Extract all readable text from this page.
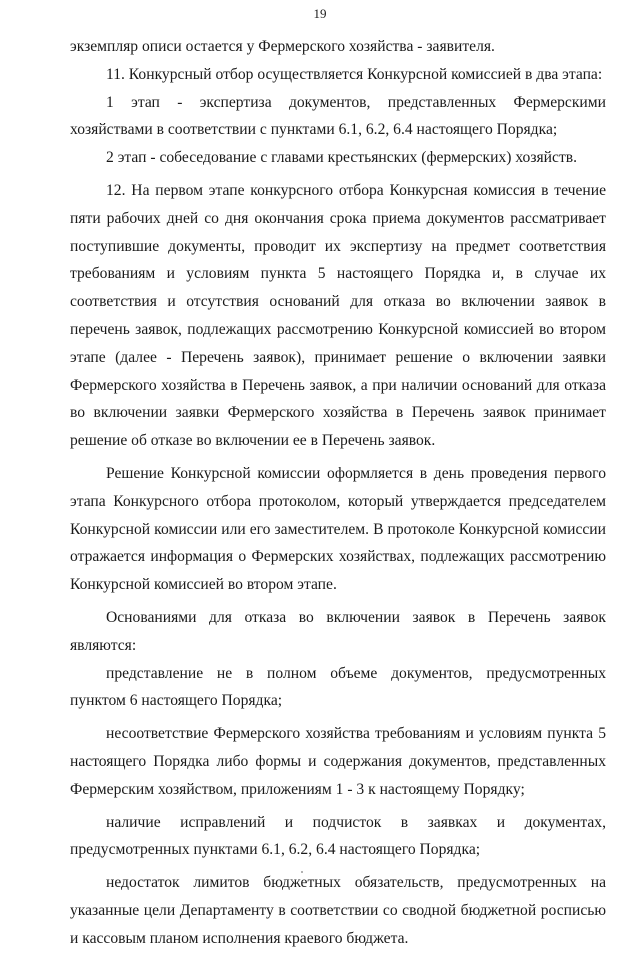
19

экземпляр описи остается у Фермерского хозяйства - заявителя.

11. Конкурсный отбор осуществляется Конкурсной комиссией в два этапа:

1 этап - экспертиза документов, представленных Фермерскими хозяйствами в соответствии с пунктами 6.1, 6.2, 6.4 настоящего Порядка;

2 этап - собеседование с главами крестьянских (фермерских) хозяйств.

12. На первом этапе конкурсного отбора Конкурсная комиссия в течение пяти рабочих дней со дня окончания срока приема документов рассматривает поступившие документы, проводит их экспертизу на предмет соответствия требованиям и условиям пункта 5 настоящего Порядка и, в случае их соответствия и отсутствия оснований для отказа во включении заявок в перечень заявок, подлежащих рассмотрению Конкурсной комиссией во втором этапе (далее - Перечень заявок), принимает решение о включении заявки Фермерского хозяйства в Перечень заявок, а при наличии оснований для отказа во включении заявки Фермерского хозяйства в Перечень заявок принимает решение об отказе во включении ее в Перечень заявок.

Решение Конкурсной комиссии оформляется в день проведения первого этапа Конкурсного отбора протоколом, который утверждается председателем Конкурсной комиссии или его заместителем. В протоколе Конкурсной комиссии отражается информация о Фермерских хозяйствах, подлежащих рассмотрению Конкурсной комиссией во втором этапе.

Основаниями для отказа во включении заявок в Перечень заявок являются:

представление не в полном объеме документов, предусмотренных пунктом 6 настоящего Порядка;

несоответствие Фермерского хозяйства требованиям и условиям пункта 5 настоящего Порядка либо формы и содержания документов, представленных Фермерским хозяйством, приложениям 1 - 3 к настоящему Порядку;

наличие исправлений и подчисток в заявках и документах, предусмотренных пунктами 6.1, 6.2, 6.4 настоящего Порядка;

недостаток лимитов бюджетных обязательств, предусмотренных на указанные цели Департаменту в соответствии со сводной бюджетной росписью и кассовым планом исполнения краевого бюджета.
